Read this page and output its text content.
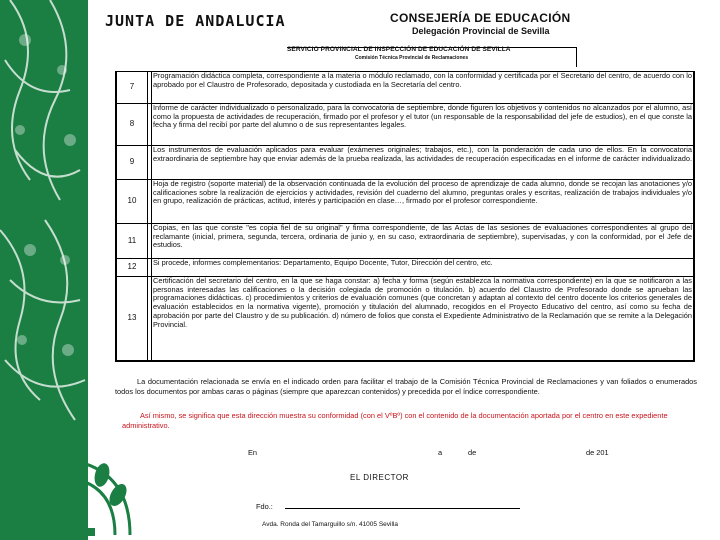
JUNTA DE ANDALUCIA	CONSEJERÍA DE EDUCACIÓN
Delegación Provincial de Sevilla
SERVICIO PROVINCIAL DE INSPECCIÓN DE EDUCACIÓN DE SEVILLA
Comisión Técnica Provincial de Reclamaciones
7		Programación didáctica completa, correspondiente a la materia o módulo reclamado, con la conformidad y certificada por el Secretario del centro, de acuerdo con lo aprobado por el Claustro de Profesorado, depositada y custodiada en la Secretaría del centro.
8		Informe de carácter individualizado o personalizado, para la convocatoria de septiembre, donde figuren los objetivos y contenidos no alcanzados por el alumno, así como la propuesta de actividades de recuperación, firmado por el profesor y el tutor (un responsable de la responsabilidad del jefe de estudios), en el que conste la fecha y firma del recibí por parte del alumno o de sus representantes legales.
9		Los instrumentos de evaluación aplicados para evaluar (exámenes originales; trabajos, etc.), con la ponderación de cada uno de ellos. En la convocatoria extraordinaria de septiembre hay que enviar además de la prueba realizada, las actividades de recuperación especificadas en el informe de carácter individualizado.
10		Hoja de registro (soporte material) de la observación continuada de la evolución del proceso de aprendizaje de cada alumno, donde se recojan las anotaciones y/o calificaciones sobre la realización de ejercicios y actividades, revisión del cuaderno del alumno, preguntas orales y escritas, realización de trabajos individuales y/o en grupo, realización de prácticas, actitud, interés y participación en clase…, firmado por el profesor correspondiente.
11		Copias, en las que conste "es copia fiel de su original" y firma correspondiente, de las Actas de las sesiones de evaluaciones correspondientes al grupo del reclamante (inicial, primera, segunda, tercera, ordinaria de junio y, en su caso, extraordinaria de septiembre), supervisadas, y con la conformidad, por el Jefe de estudios.
12		Si procede, informes complementarios: Departamento, Equipo Docente, Tutor, Dirección del centro, etc.
13		Certificación del secretario del centro, en la que se haga constar: a) fecha y forma (según establezca la normativa correspondiente) en la que se notificaron a las personas interesadas las calificaciones o la decisión colegiada de promoción o titulación. b) acuerdo del Claustro de Profesorado donde se aprueban las programaciones didácticas. c) procedimientos y criterios de evaluación comunes (que concretan y adaptan al contexto del centro docente los criterios generales de evaluación establecidos en la normativa vigente), promoción y titulación del alumnado, recogidos en el Proyecto Educativo del centro, así como su fecha de aprobación por parte del Claustro y de su publicación. d) número de folios que consta el Expediente Administrativo de la Reclamación que se remite a la Delegación Provincial.

La documentación relacionada se envía en el indicado orden para facilitar el trabajo de la Comisión Técnica Provincial de Reclamaciones y van foliados o enumerados todos los documentos por ambas caras o páginas (siempre que aparezcan contenidos) y precedida por el índice correspondiente.

Así mismo, se significa que esta dirección muestra su conformidad (con el VºBº) con el contenido de la documentación aportada por el centro en este expediente administrativo.

En	a	de	de 201
EL DIRECTOR
Fdo.:
Avda. Ronda del Tamarguillo s/n. 41005 Sevilla
